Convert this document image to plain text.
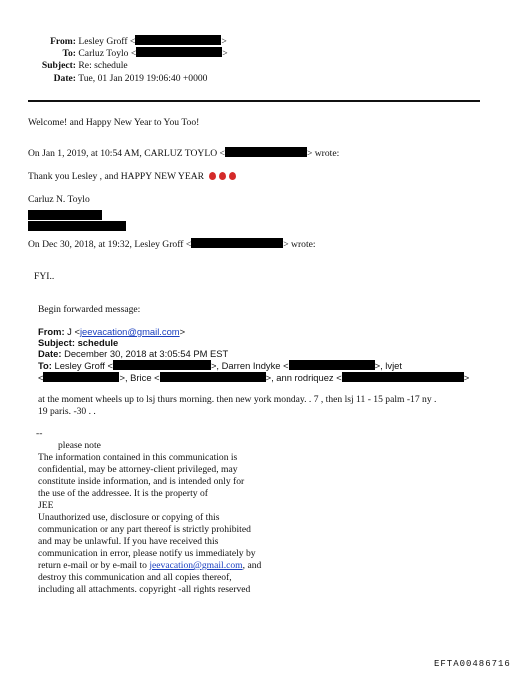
From: Lesley Groff <	>
To: Carluz Toylo <	>
Subject: Re: schedule
Date: Tue, 01 Jan 2019 19:06:40 +0000
Welcome! and Happy New Year to You Too!
On Jan 1, 2019, at 10:54 AM, CARLUZ TOYLO <	> wrote:
Thank you Lesley , and HAPPY NEW YEAR
Carluz N. Toylo
On Dec 30, 2018, at 19:32, Lesley Groff <	> wrote:
FYI..
Begin forwarded message:
From: J <jeevacation@gmail.com>
Subject: schedule
Date: December 30, 2018 at 3:05:54 PM EST
To: Lesley Groff <	>, Darren Indyke <	>, lvjet
<	>, Brice <	>, ann rodriquez <	>
at the moment wheels up to lsj thurs morning. then new york monday. . 7 , then lsj 11 - 15 palm -17 ny .
19 paris. -30 . .
--
please note
The information contained in this communication is
confidential, may be attorney-client privileged, may
constitute inside information, and is intended only for
the use of the addressee. It is the property of
JEE
Unauthorized use, disclosure or copying of this
communication or any part thereof is strictly prohibited
and may be unlawful. If you have received this
communication in error, please notify us immediately by
return e-mail or by e-mail to jeevacation@gmail.com, and
destroy this communication and all copies thereof,
including all attachments. copyright -all rights reserved
EFTA00486716
